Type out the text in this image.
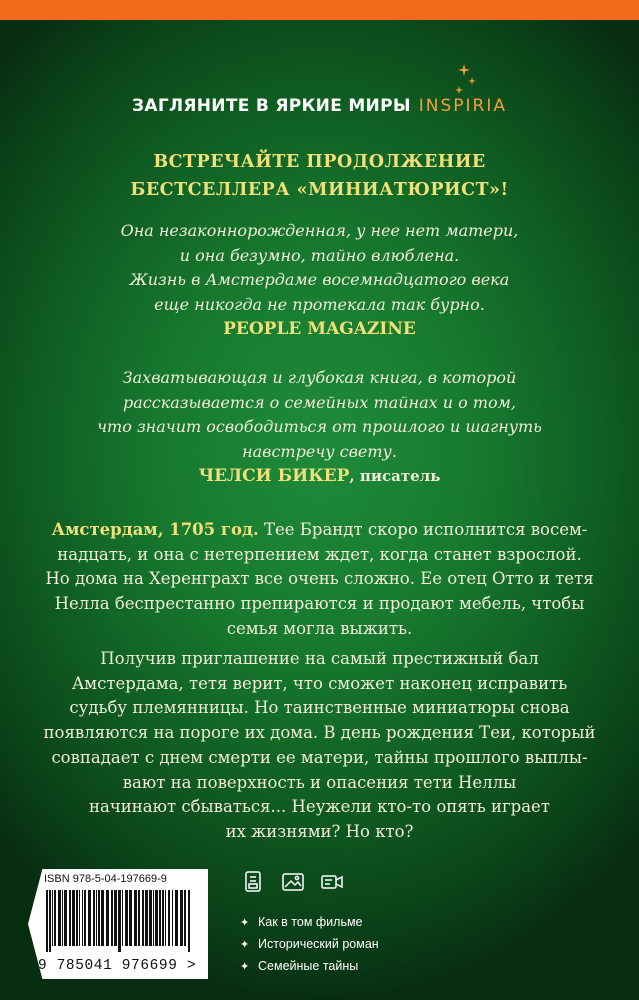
ЗАГЛЯНИТЕ В ЯРКИЕ МИРЫ INSPIRIA
ВСТРЕЧАЙТЕ ПРОДОЛЖЕНИЕ
БЕСТСЕЛЛЕРА «МИНИАТЮРИСТ»!
Она незаконнорожденная, у нее нет матери,
и она безумно, тайно влюблена.
Жизнь в Амстердаме восемнадцатого века
еще никогда не протекала так бурно.
PEOPLE MAGAZINE
Захватывающая и глубокая книга, в которой
рассказывается о семейных тайнах и о том,
что значит освободиться от прошлого и шагнуть
навстречу свету.
ЧЕЛСИ БИКЕР, писатель
Амстердам, 1705 год. Тее Брандт скоро исполнится восем-
надцать, и она с нетерпением ждет, когда станет взрослой.
Но дома на Херенграхт все очень сложно. Ее отец Отто и тетя
Нелла беспрестанно препираются и продают мебель, чтобы
семья могла выжить.
Получив приглашение на самый престижный бал
Амстердама, тетя верит, что сможет наконец исправить
судьбу племянницы. Но таинственные миниатюры снова
появляются на пороге их дома. В день рождения Теи, который
совпадает с днем смерти ее матери, тайны прошлого выплы-
вают на поверхность и опасения тети Неллы
начинают сбываться... Неужели кто-то опять играет
их жизнями? Но кто?
ISBN 978-5-04-197669-9
9 785041 976699 >

✦ Как в том фильме
✦ Исторический роман
✦ Семейные тайны
